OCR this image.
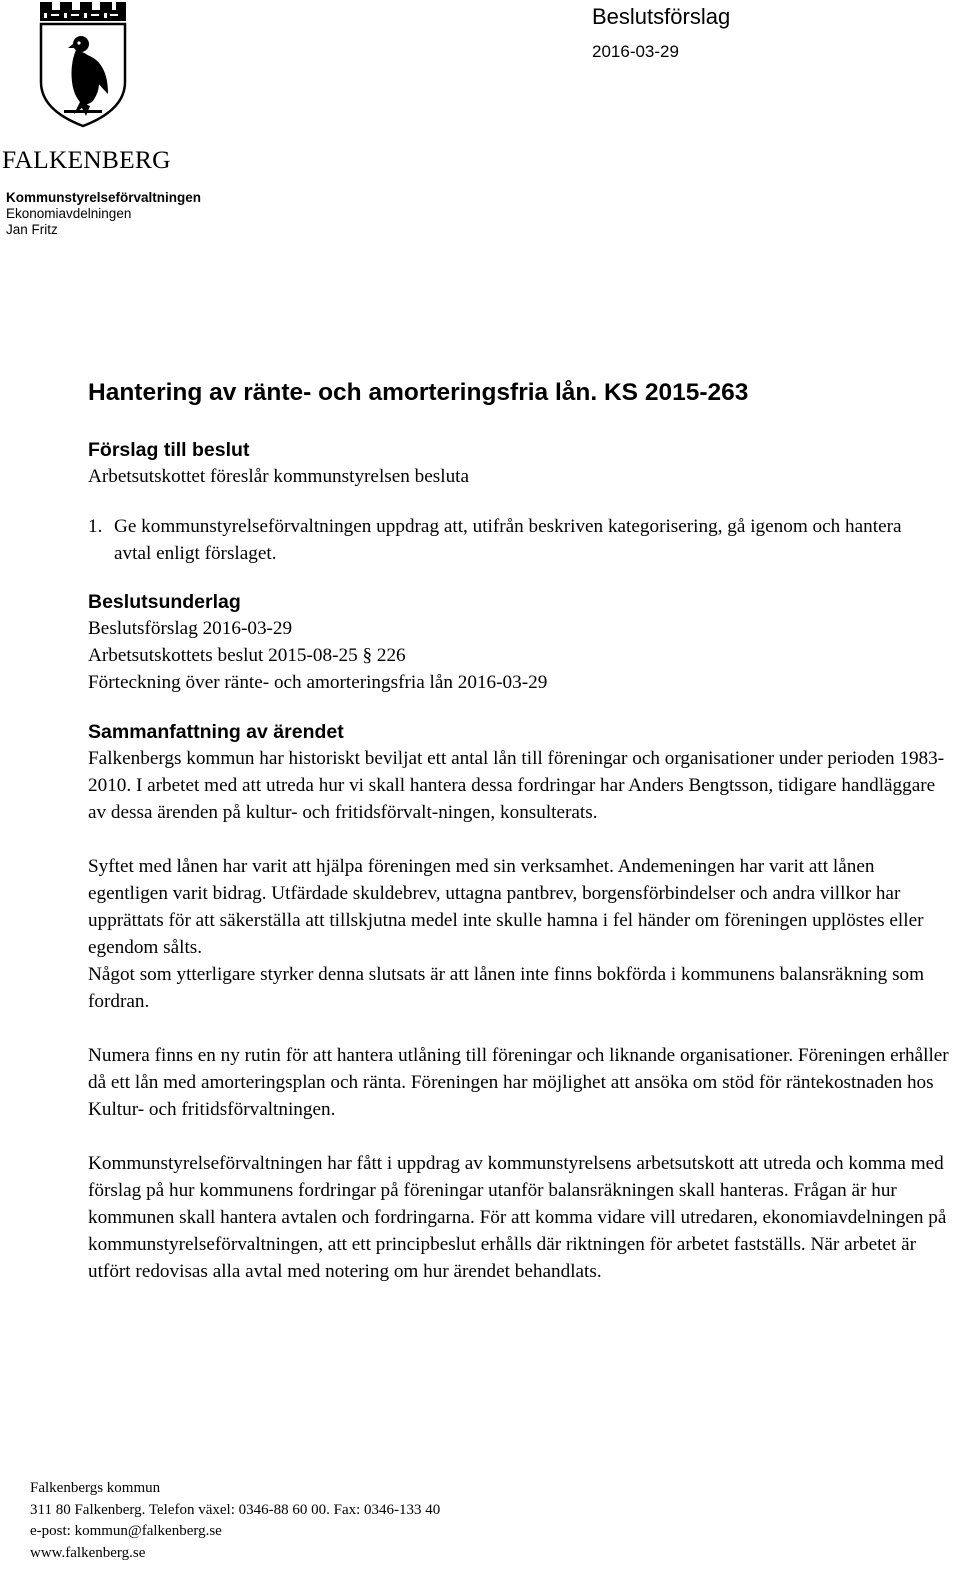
FALKENBERG
Kommunstyrelseförvaltningen
Ekonomiavdelningen
Jan Fritz
Beslutsförslag
2016-03-29
Hantering av ränte- och amorteringsfria lån. KS 2015-263
Förslag till beslut

Arbetsutskottet föreslår kommunstyrelsen besluta

1. Ge kommunstyrelseförvaltningen uppdrag att, utifrån beskriven kategorisering, gå igenom och hantera avtal enligt förslaget.
Beslutsunderlag

Beslutsförslag 2016-03-29

Arbetsutskottets beslut 2015-08-25 § 226

Förteckning över ränte- och amorteringsfria lån 2016-03-29

Sammanfattning av ärendet

Falkenbergs kommun har historiskt beviljat ett antal lån till föreningar och organisationer under perioden 1983-2010. I arbetet med att utreda hur vi skall hantera dessa fordringar har Anders Bengtsson, tidigare handläggare av dessa ärenden på kultur- och fritidsförvalt-ningen, konsulterats.

Syftet med lånen har varit att hjälpa föreningen med sin verksamhet. Andemeningen har varit att lånen egentligen varit bidrag. Utfärdade skuldebrev, uttagna pantbrev, borgensförbindelser och andra villkor har upprättats för att säkerställa att tillskjutna medel inte skulle hamna i fel händer om föreningen upplöstes eller egendom sålts.

Något som ytterligare styrker denna slutsats är att lånen inte finns bokförda i kommunens balansräkning som fordran.

Numera finns en ny rutin för att hantera utlåning till föreningar och liknande organisationer. Föreningen erhåller då ett lån med amorteringsplan och ränta. Föreningen har möjlighet att ansöka om stöd för räntekostnaden hos Kultur- och fritidsförvaltningen.

Kommunstyrelseförvaltningen har fått i uppdrag av kommunstyrelsens arbetsutskott att utreda och komma med förslag på hur kommunens fordringar på föreningar utanför balansräkningen skall hanteras. Frågan är hur kommunen skall hantera avtalen och fordringarna. För att komma vidare vill utredaren, ekonomiavdelningen på kommunstyrelseförvaltningen, att ett principbeslut erhålls där riktningen för arbetet fastställs. När arbetet är utfört redovisas alla avtal med notering om hur ärendet behandlats.

Falkenbergs kommun
311 80 Falkenberg. Telefon växel: 0346-88 60 00. Fax: 0346-133 40
e-post: kommun@falkenberg.se
www.falkenberg.se
